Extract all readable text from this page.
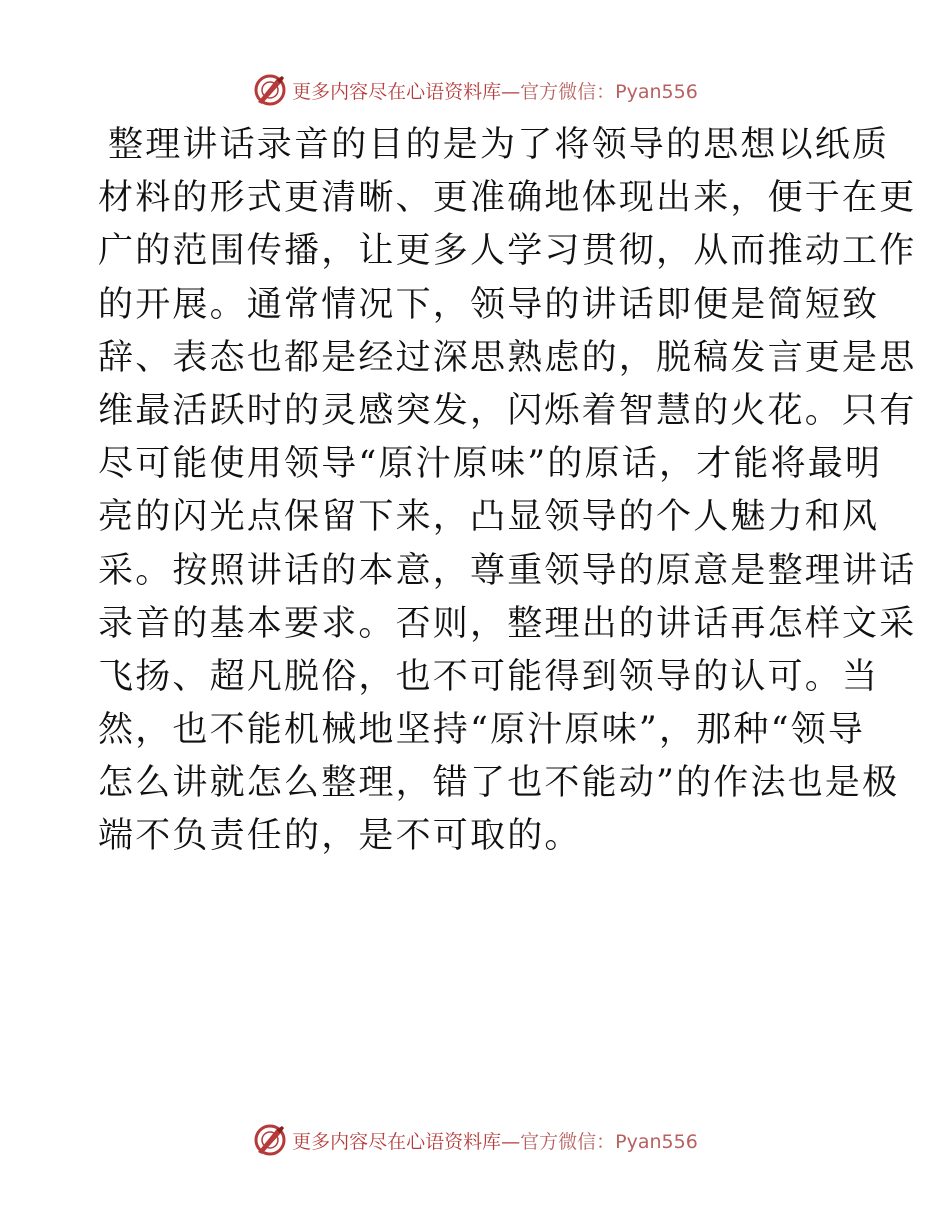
更多内容尽在心语资料库—官方微信：Pyan556
整理讲话录音的目的是为了将领导的思想以纸质
材料的形式更清晰、更准确地体现出来，便于在更
广的范围传播，让更多人学习贯彻，从而推动工作
的开展。通常情况下，领导的讲话即便是简短致
辞、表态也都是经过深思熟虑的，脱稿发言更是思
维最活跃时的灵感突发，闪烁着智慧的火花。只有
尽可能使用领导“原汁原味”的原话，才能将最明
亮的闪光点保留下来，凸显领导的个人魅力和风
采。按照讲话的本意，尊重领导的原意是整理讲话
录音的基本要求。否则，整理出的讲话再怎样文采
飞扬、超凡脱俗，也不可能得到领导的认可。当
然，也不能机械地坚持“原汁原味”，那种“领导
怎么讲就怎么整理，错了也不能动”的作法也是极
端不负责任的，是不可取的。
更多内容尽在心语资料库—官方微信：Pyan556
